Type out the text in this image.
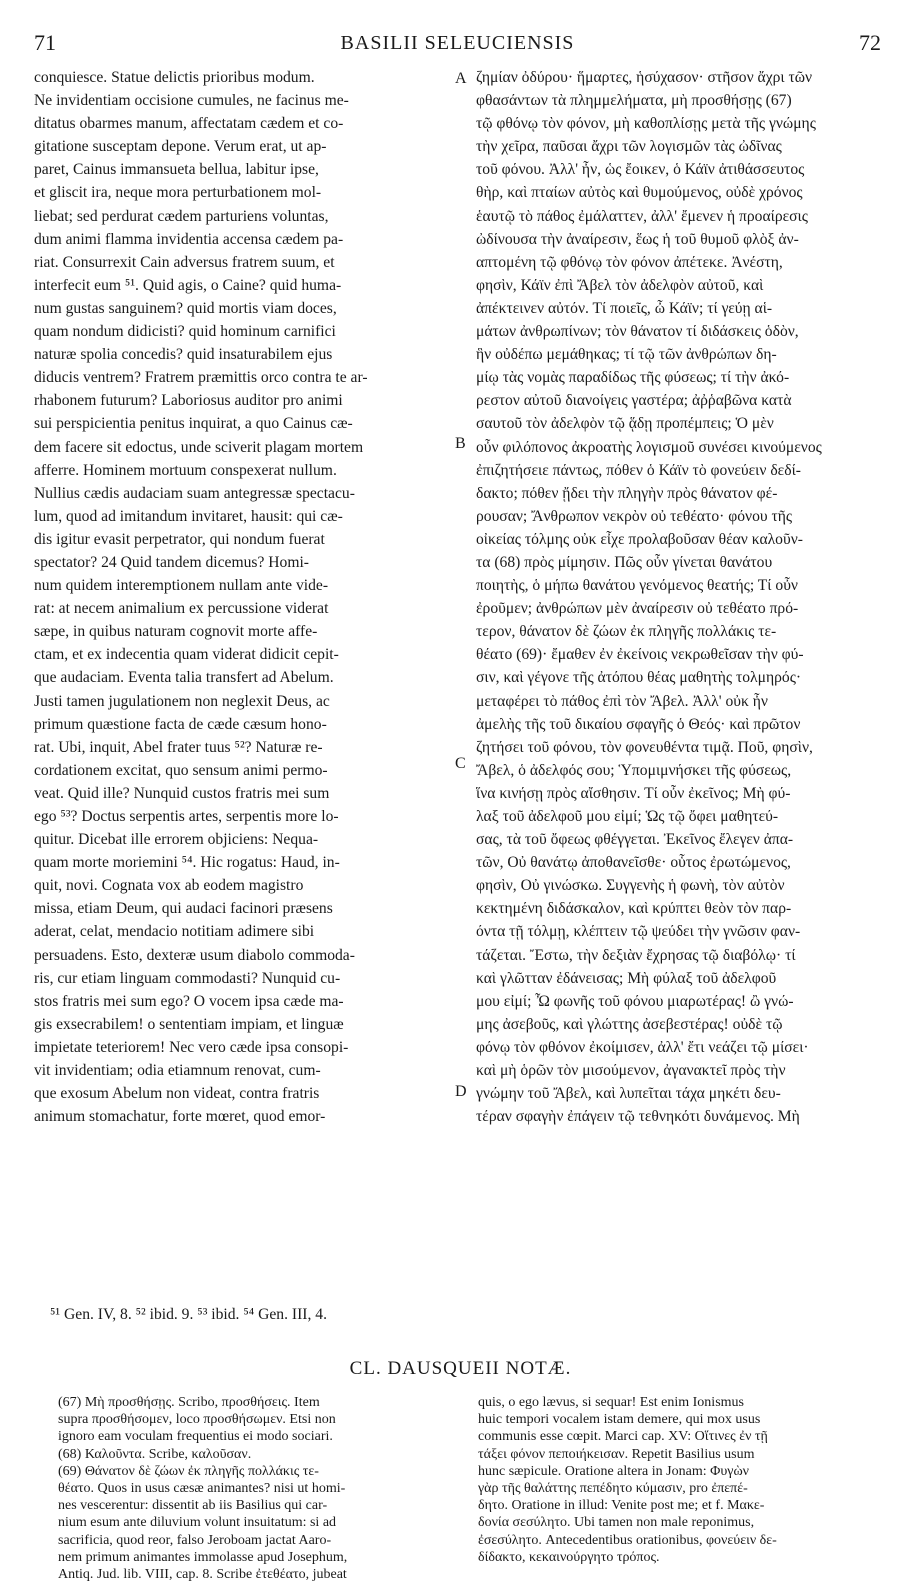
71	BASILII SELEUCIENSIS	72
conquiesce. Statue delictis prioribus modum.
Ne invidentiam occisione cumules, ne facinus me-
ditatus obarmes manum, affectatam cædem et co-
gitatione susceptam depone. Verum erat, ut ap-
paret, Cainus immansueta bellua, labitur ipse,
et gliscit ira, neque mora perturbationem mol-
liebat; sed perdurat cædem parturiens voluntas,
dum animi flamma invidentia accensa cædem pa-
riat. Consurrexit Cain adversus fratrem suum, et
interfecit eum ⁵¹. Quid agis, o Caine? quid huma-
num gustas sanguinem? quid mortis viam doces,
quam nondum didicisti? quid hominum carnifici
naturæ spolia concedis? quid insaturabilem ejus
diducis ventrem? Fratrem præmittis orco contra te ar-
rhabonem futurum? Laboriosus auditor pro animi
sui perspicientia penitus inquirat, a quo Cainus cæ-
dem facere sit edoctus, unde sciverit plagam mortem
afferre. Hominem mortuum conspexerat nullum.
Nullius cædis audaciam suam antegressæ spectacu-
lum, quod ad imitandum invitaret, hausit: qui cæ-
dis igitur evasit perpetrator, qui nondum fuerat
spectator? 24 Quid tandem dicemus? Homi-
num quidem interemptionem nullam ante vide-
rat: at necem animalium ex percussione viderat
sæpe, in quibus naturam cognovit morte affe-
ctam, et ex indecentia quam viderat didicit cepit-
que audaciam. Eventa talia transfert ad Abelum.
Justi tamen jugulationem non neglexit Deus, ac
primum quæstione facta de cæde cæsum hono-
rat. Ubi, inquit, Abel frater tuus ⁵²? Naturæ re-
cordationem excitat, quo sensum animi permo-
veat. Quid ille? Nunquid custos fratris mei sum
ego ⁵³? Doctus serpentis artes, serpentis more lo-
quitur. Dicebat ille errorem objiciens: Nequa-
quam morte moriemini ⁵⁴. Hic rogatus: Haud, in-
quit, novi. Cognata vox ab eodem magistro
missa, etiam Deum, qui audaci facinori præsens
aderat, celat, mendacio notitiam adimere sibi
persuadens. Esto, dexteræ usum diabolo commoda-
ris, cur etiam linguam commodasti? Nunquid cu-
stos fratris mei sum ego? O vocem ipsa cæde ma-
gis exsecrabilem! o sententiam impiam, et linguæ
impietate teteriorem! Nec vero cæde ipsa consopi-
vit invidentiam; odia etiamnum renovat, cum-
que exosum Abelum non videat, contra fratris
animum stomachatur, forte mœret, quod emor-
ζημίαν ὀδύρου· ἥμαρτες, ἡσύχασον· στῆσον ἄχρι τῶν
φθασάντων τὰ πλημμελήματα, μὴ προσθήσῃς (67)
τῷ φθόνῳ τὸν φόνον, μὴ καθοπλίσῃς μετὰ τῆς γνώμης
τὴν χεῖρα, παῦσαι ἄχρι τῶν λογισμῶν τὰς ὠδῖνας
τοῦ φόνου. Ἀλλ' ἦν, ὡς ἔοικεν, ὁ Κάϊν ἀτιθάσσευτος
θὴρ, καὶ πταίων αὐτὸς καὶ θυμούμενος, οὐδὲ χρόνος
ἑαυτῷ τὸ πάθος ἐμάλαττεν, ἀλλ' ἔμενεν ἡ προαίρεσις
ὠδίνουσα τὴν ἀναίρεσιν, ἕως ἡ τοῦ θυμοῦ φλὸξ ἀν-
απτομένη τῷ φθόνῳ τὸν φόνον ἀπέτεκε. Ἀνέστη,
φησὶν, Κάϊν ἐπὶ Ἄβελ τὸν ἀδελφὸν αὐτοῦ, καὶ
ἀπέκτεινεν αὐτόν. Τί ποιεῖς, ὦ Κάϊν; τί γεύῃ αἱ-
μάτων ἀνθρωπίνων; τὸν θάνατον τί διδάσκεις ὁδὸν,
ἣν οὐδέπω μεμάθηκας; τί τῷ τῶν ἀνθρώπων δη-
μίῳ τὰς νομὰς παραδίδως τῆς φύσεως; τί τὴν ἀκό-
ρεστον αὐτοῦ διανοίγεις γαστέρα; ἀῤῥαβῶνα κατὰ
σαυτοῦ τὸν ἀδελφὸν τῷ ᾅδῃ προπέμπεις; Ὁ μὲν
οὖν φιλόπονος ἀκροατὴς λογισμοῦ συνέσει κινούμενος
ἐπιζητήσειε πάντως, πόθεν ὁ Κάϊν τὸ φονεύειν δεδί-
δακτο; πόθεν ᾔδει τὴν πληγὴν πρὸς θάνατον φέ-
ρουσαν; Ἄνθρωπον νεκρὸν οὐ τεθέατο· φόνου τῆς
οἰκείας τόλμης οὐκ εἶχε προλαβοῦσαν θέαν καλοῦν-
τα (68) πρὸς μίμησιν. Πῶς οὖν γίνεται θανάτου
ποιητὴς, ὁ μήπω θανάτου γενόμενος θεατής; Τί οὖν
ἐροῦμεν; ἀνθρώπων μὲν ἀναίρεσιν οὐ τεθέατο πρό-
τερον, θάνατον δὲ ζώων ἐκ πληγῆς πολλάκις τε-
θέατο (69)· ἔμαθεν ἐν ἐκείνοις νεκρωθεῖσαν τὴν φύ-
σιν, καὶ γέγονε τῆς ἀτόπου θέας μαθητὴς τολμηρός·
μεταφέρει τὸ πάθος ἐπὶ τὸν Ἄβελ. Ἀλλ' οὐκ ἦν
ἀμελὴς τῆς τοῦ δικαίου σφαγῆς ὁ Θεός· καὶ πρῶτον
ζητήσει τοῦ φόνου, τὸν φονευθέντα τιμᾷ. Ποῦ, φησὶν,
Ἄβελ, ὁ ἀδελφός σου; Ὑπομιμνήσκει τῆς φύσεως,
ἵνα κινήσῃ πρὸς αἴσθησιν. Τί οὖν ἐκεῖνος; Μὴ φύ-
λαξ τοῦ ἀδελφοῦ μου εἰμί; Ὡς τῷ ὄφει μαθητεύ-
σας, τὰ τοῦ ὄφεως φθέγγεται. Ἐκεῖνος ἔλεγεν ἀπα-
τῶν, Οὐ θανάτῳ ἀποθανεῖσθε· οὗτος ἐρωτώμενος,
φησὶν, Οὐ γινώσκω. Συγγενὴς ἡ φωνὴ, τὸν αὐτὸν
κεκτημένη διδάσκαλον, καὶ κρύπτει θεὸν τὸν παρ-
όντα τῇ τόλμῃ, κλέπτειν τῷ ψεύδει τὴν γνῶσιν φαν-
τάζεται. Ἔστω, τὴν δεξιὰν ἔχρησας τῷ διαβόλῳ· τί
καὶ γλῶτταν ἐδάνεισας; Μὴ φύλαξ τοῦ ἀδελφοῦ
μου εἰμί; Ὦ φωνῆς τοῦ φόνου μιαρωτέρας! ὢ γνώ-
μης ἀσεβοῦς, καὶ γλώττης ἀσεβεστέρας! οὐδὲ τῷ
φόνῳ τὸν φθόνον ἐκοίμισεν, ἀλλ' ἔτι νεάζει τῷ μίσει·
καὶ μὴ ὁρῶν τὸν μισούμενον, ἀγανακτεῖ πρὸς τὴν
γνώμην τοῦ Ἄβελ, καὶ λυπεῖται τάχα μηκέτι δευ-
τέραν σφαγὴν ἐπάγειν τῷ τεθνηκότι δυνάμενος. Μὴ
A
B
C
D
⁵¹ Gen. IV, 8. ⁵² ibid. 9. ⁵³ ibid. ⁵⁴ Gen. III, 4.
CL. DAUSQUEII NOTÆ.
(67) Μὴ προσθήσῃς. Scribo, προσθήσεις. Item
supra προσθήσομεν, loco προσθήσωμεν. Etsi non
ignoro eam voculam frequentius ei modo sociari.
(68) Καλοῦντα. Scribe, καλοῦσαν.
(69) Θάνατον δὲ ζώων ἐκ πληγῆς πολλάκις τε-
θέατο. Quos in usus cæsæ animantes? nisi ut homi-
nes vescerentur: dissentit ab iis Basilius qui car-
nium esum ante diluvium volunt insuitatum: si ad
sacrificia, quod reor, falso Jeroboam jactat Aaro-
nem primum animantes immolasse apud Josephum,
Antiq. Jud. lib. VIII, cap. 8. Scribe ἐτεθέατο, jubeat
quis, o ego lævus, si sequar! Est enim Ionismus
huic tempori vocalem istam demere, qui mox usus
communis esse cœpit. Marci cap. XV: Οἵτινες ἐν τῇ
τάξει φόνον πεποιήκεισαν. Repetit Basilius usum
hunc sæpicule. Oratione altera in Jonam: Φυγὼν
γὰρ τῆς θαλάττης πεπέδητο κύμασιν, pro ἐπεπέ-
δητο. Oratione in illud: Venite post me; et f. Μακε-
δονία σεσύλητο. Ubi tamen non male reponimus,
ἐσεσύλητο. Antecedentibus orationibus, φονεύειν δε-
δίδακτο, κεκαινούργητο τρόπος.
